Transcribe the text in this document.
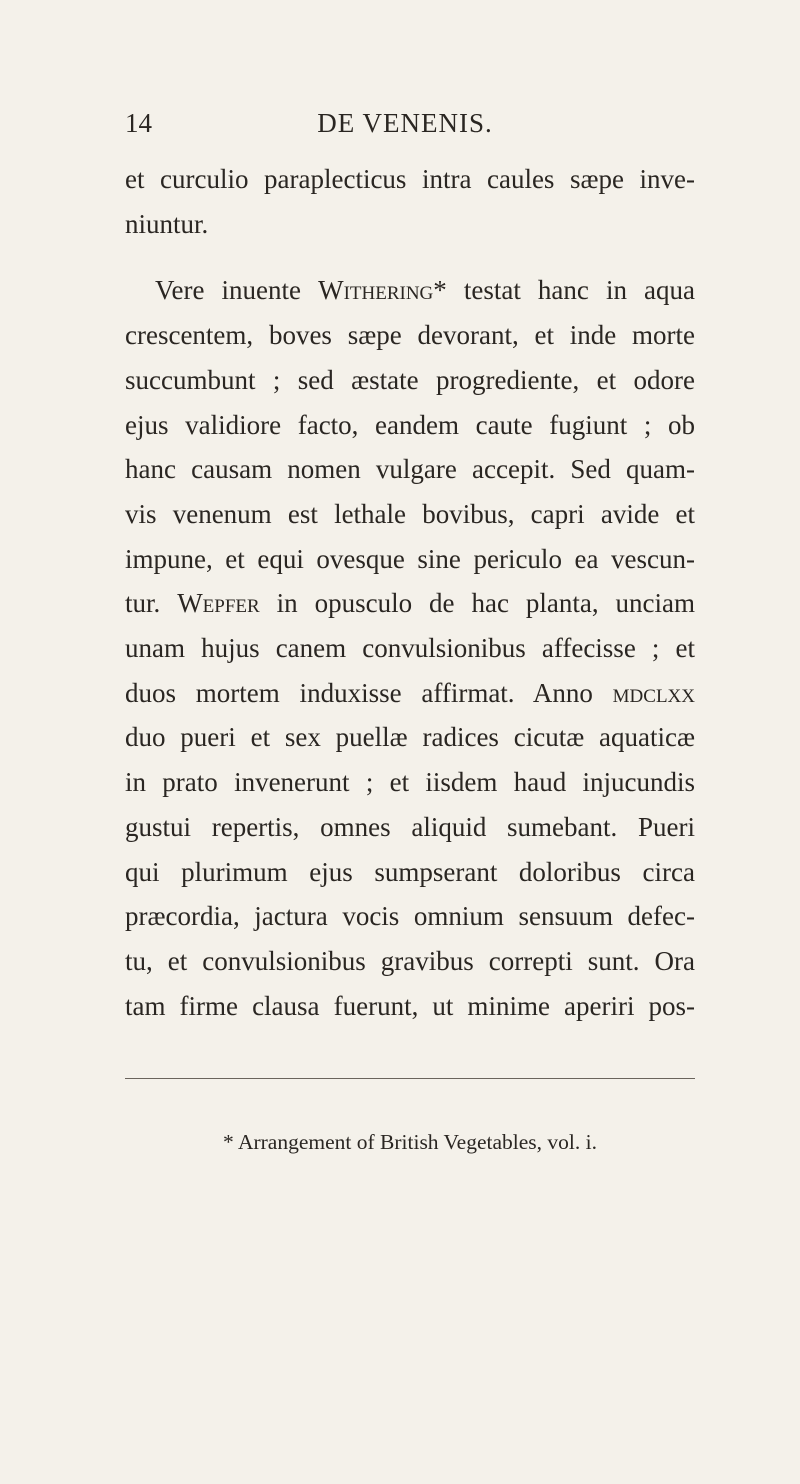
14	DE VENENIS.
et curculio paraplecticus intra caules sæpe inve-
niuntur.
Vere inuente Withering* testat hanc in aqua
crescentem, boves sæpe devorant, et inde morte
succumbunt ; sed æstate progrediente, et odore
ejus validiore facto, eandem caute fugiunt ; ob
hanc causam nomen vulgare accepit. Sed quam-
vis venenum est lethale bovibus, capri avide et
impune, et equi ovesque sine periculo ea vescun-
tur. Wepfer in opusculo de hac planta, unciam
unam hujus canem convulsionibus affecisse ; et
duos mortem induxisse affirmat. Anno mdclxx
duo pueri et sex puellæ radices cicutæ aquaticæ
in prato invenerunt ; et iisdem haud injucundis
gustui repertis, omnes aliquid sumebant. Pueri
qui plurimum ejus sumpserant doloribus circa
præcordia, jactura vocis omnium sensuum defec-
tu, et convulsionibus gravibus correpti sunt. Ora
tam firme clausa fuerunt, ut minime aperiri pos-
* Arrangement of British Vegetables, vol. i.
